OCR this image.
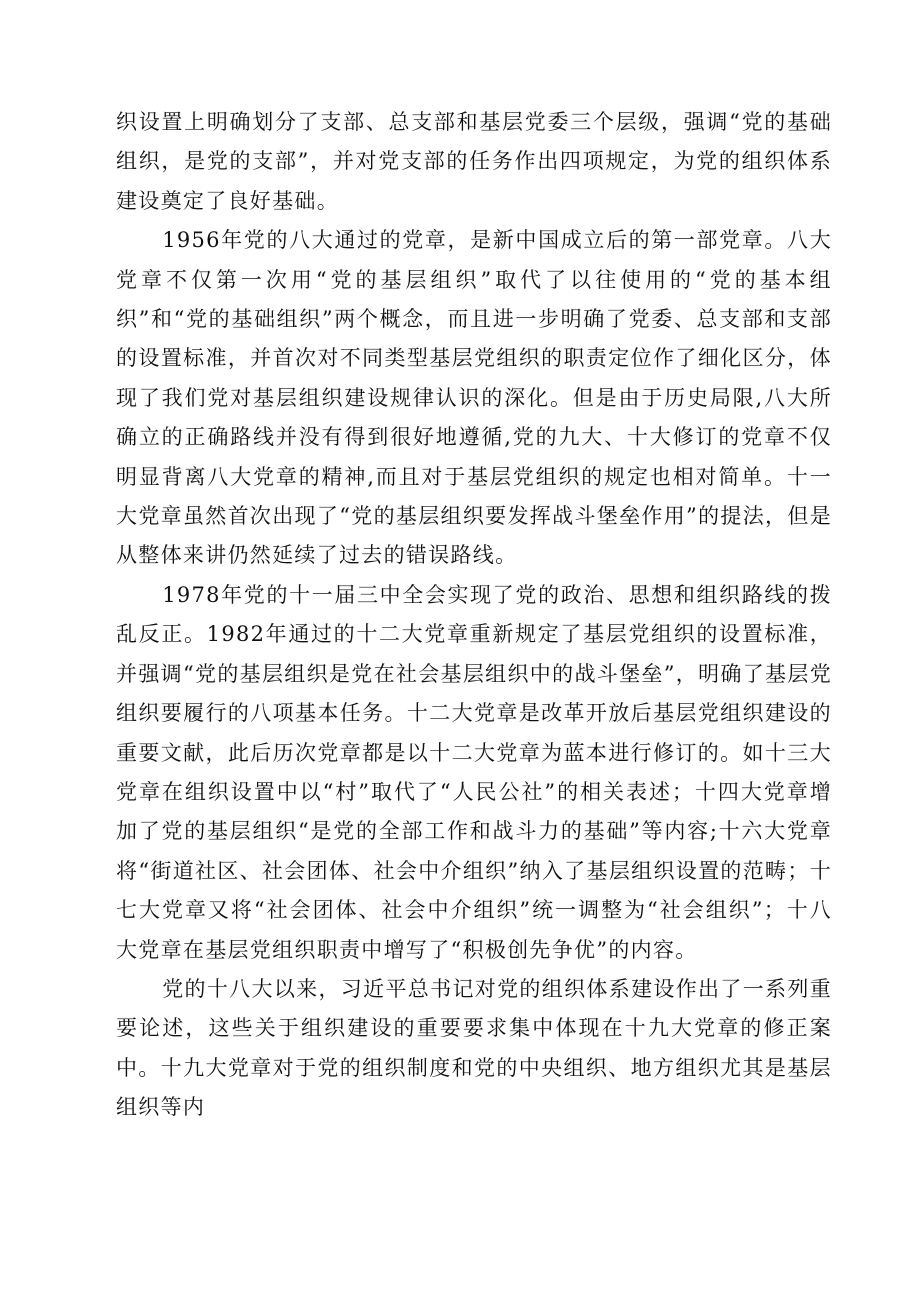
织设置上明确划分了支部、总支部和基层党委三个层级，强调“党的基础组织，是党的支部”，并对党支部的任务作出四项规定，为党的组织体系建设奠定了良好基础。

1956年党的八大通过的党章，是新中国成立后的第一部党章。八大党章不仅第一次用“党的基层组织”取代了以往使用的“党的基本组织”和“党的基础组织”两个概念，而且进一步明确了党委、总支部和支部的设置标准，并首次对不同类型基层党组织的职责定位作了细化区分，体现了我们党对基层组织建设规律认识的深化。但是由于历史局限,八大所确立的正确路线并没有得到很好地遵循,党的九大、十大修订的党章不仅明显背离八大党章的精神,而且对于基层党组织的规定也相对简单。十一大党章虽然首次出现了“党的基层组织要发挥战斗堡垒作用”的提法，但是从整体来讲仍然延续了过去的错误路线。

1978年党的十一届三中全会实现了党的政治、思想和组织路线的拨乱反正。1982年通过的十二大党章重新规定了基层党组织的设置标准，并强调“党的基层组织是党在社会基层组织中的战斗堡垒”，明确了基层党组织要履行的八项基本任务。十二大党章是改革开放后基层党组织建设的重要文献，此后历次党章都是以十二大党章为蓝本进行修订的。如十三大党章在组织设置中以“村”取代了“人民公社”的相关表述；十四大党章增加了党的基层组织“是党的全部工作和战斗力的基础”等内容;十六大党章将“街道社区、社会团体、社会中介组织”纳入了基层组织设置的范畴；十七大党章又将“社会团体、社会中介组织”统一调整为“社会组织”；十八大党章在基层党组织职责中增写了“积极创先争优”的内容。

党的十八大以来，习近平总书记对党的组织体系建设作出了一系列重要论述，这些关于组织建设的重要要求集中体现在十九大党章的修正案中。十九大党章对于党的组织制度和党的中央组织、地方组织尤其是基层组织等内
